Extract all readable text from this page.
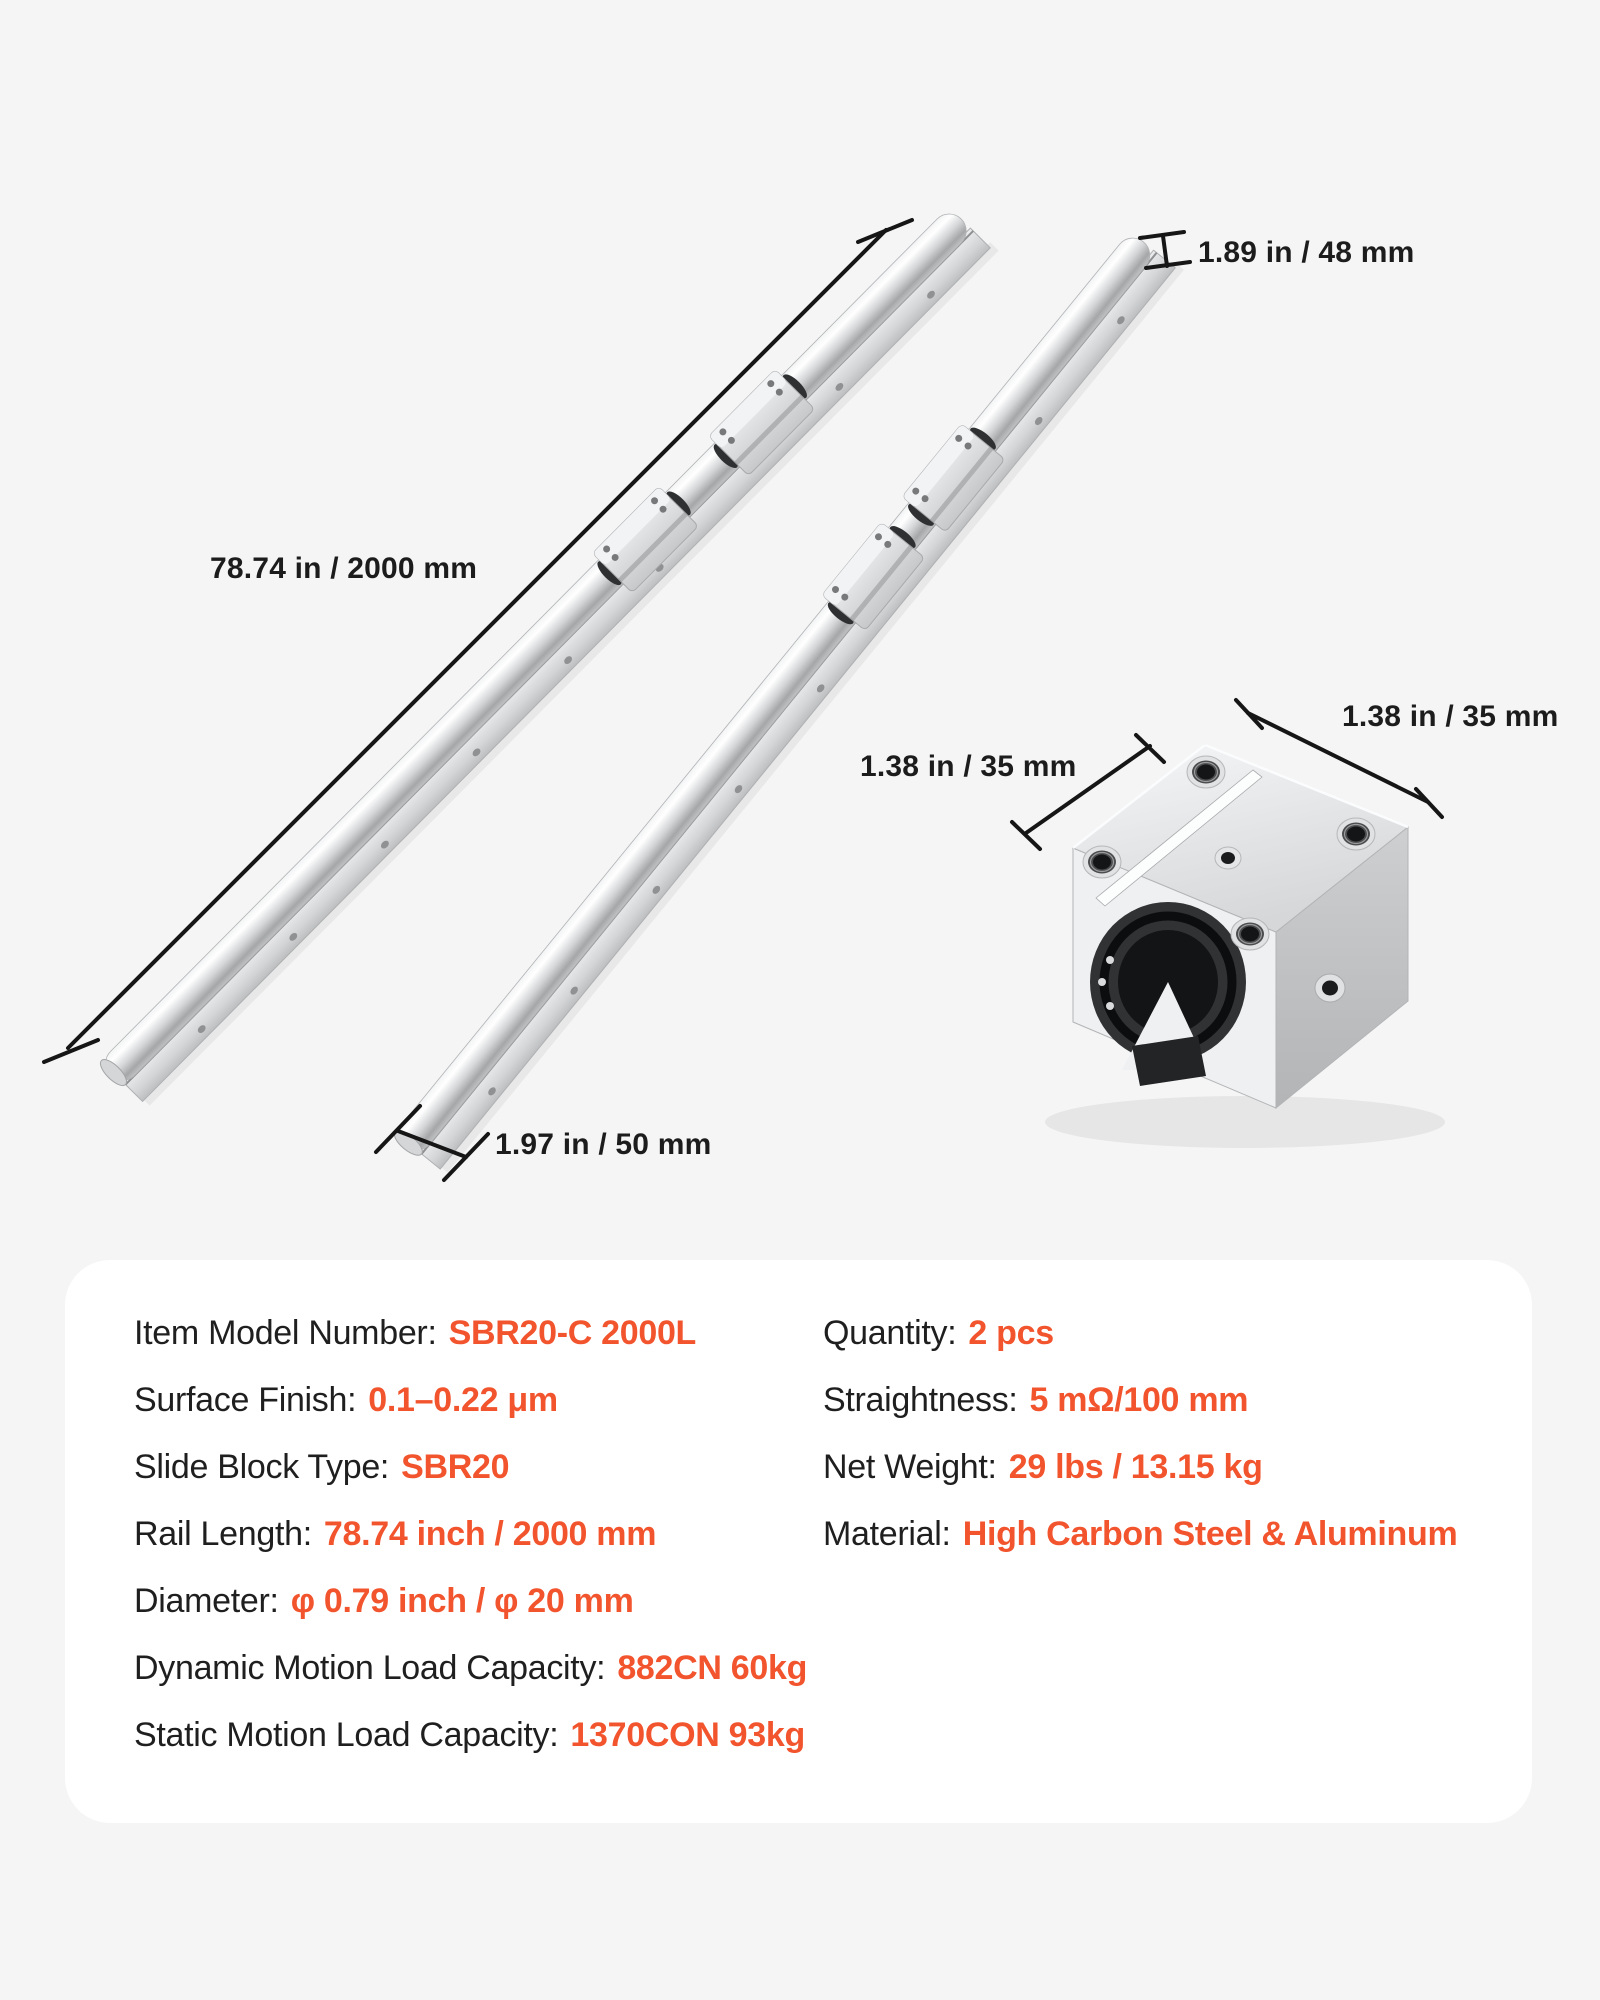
78.74 in / 2000 mm
1.89 in / 48 mm
1.38 in / 35 mm
1.38 in / 35 mm
1.97 in / 50 mm
Item Model Number: SBR20-C 2000L
Surface Finish: 0.1–0.22 μm
Slide Block Type: SBR20
Rail Length: 78.74 inch / 2000 mm
Diameter: φ 0.79 inch / φ 20 mm
Dynamic Motion Load Capacity: 882CN 60kg
Static Motion Load Capacity: 1370CON 93kg
Quantity: 2 pcs
Straightness: 5 mΩ/100 mm
Net Weight: 29 lbs / 13.15 kg
Material: High Carbon Steel & Aluminum
